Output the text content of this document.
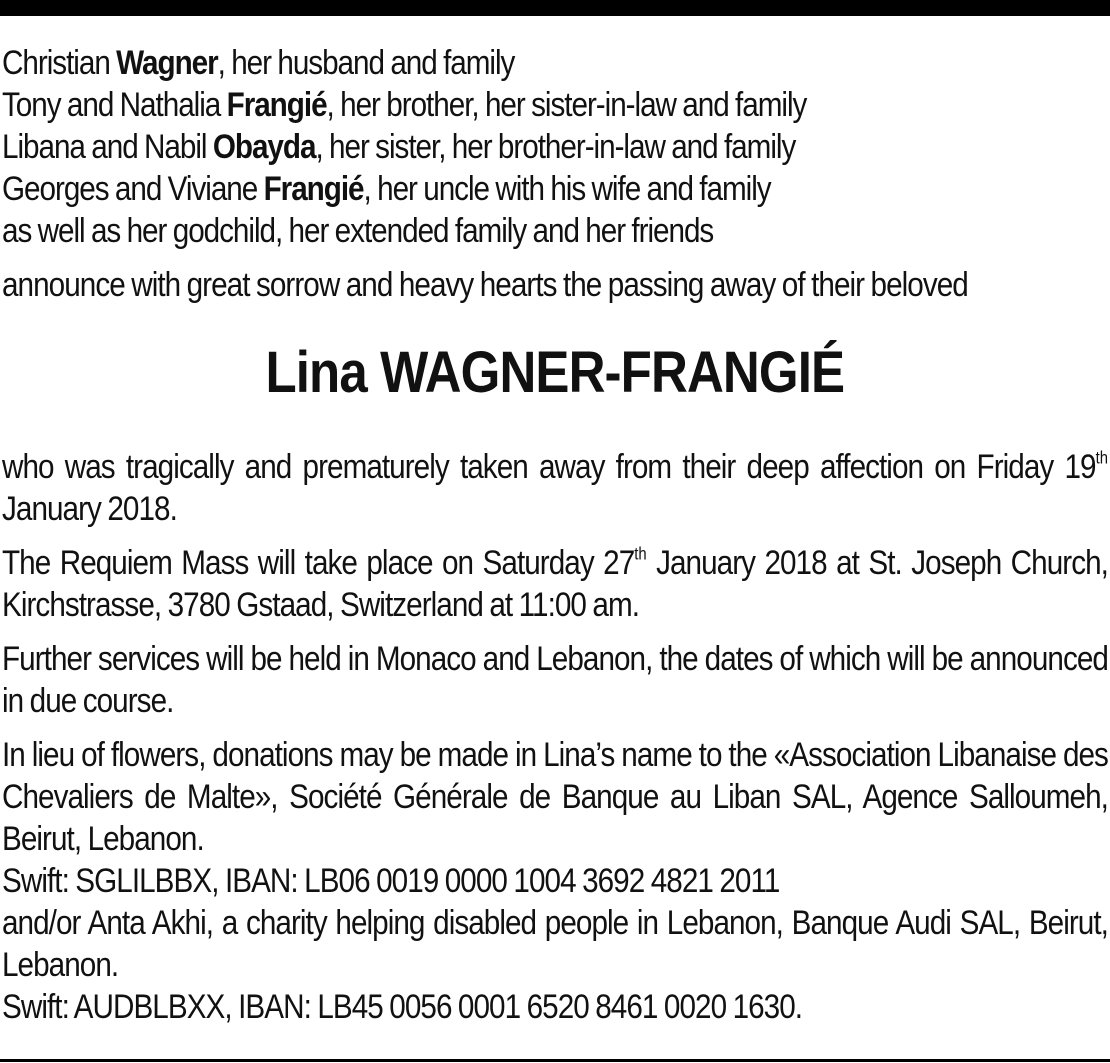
Christian Wagner, her husband and family
Tony and Nathalia Frangié, her brother, her sister-in-law and family
Libana and Nabil Obayda, her sister, her brother-in-law and family
Georges and Viviane Frangié, her uncle with his wife and family
as well as her godchild, her extended family and her friends

announce with great sorrow and heavy hearts the passing away of their beloved

Lina WAGNER-FRANGIÉ

who was tragically and prematurely taken away from their deep affection on Friday 19th January 2018.

The Requiem Mass will take place on Saturday 27th January 2018 at St. Joseph Church, Kirchstrasse, 3780 Gstaad, Switzerland at 11:00 am.

Further services will be held in Monaco and Lebanon, the dates of which will be announced in due course.

In lieu of flowers, donations may be made in Lina’s name to the «Association Libanaise des Chevaliers de Malte», Société Générale de Banque au Liban SAL, Agence Salloumeh, Beirut, Lebanon.

Swift: SGLILBBX, IBAN: LB06 0019 0000 1004 3692 4821 2011

and/or Anta Akhi, a charity helping disabled people in Lebanon, Banque Audi SAL, Beirut, Lebanon.

Swift: AUDBLBXX, IBAN: LB45 0056 0001 6520 8461 0020 1630.
